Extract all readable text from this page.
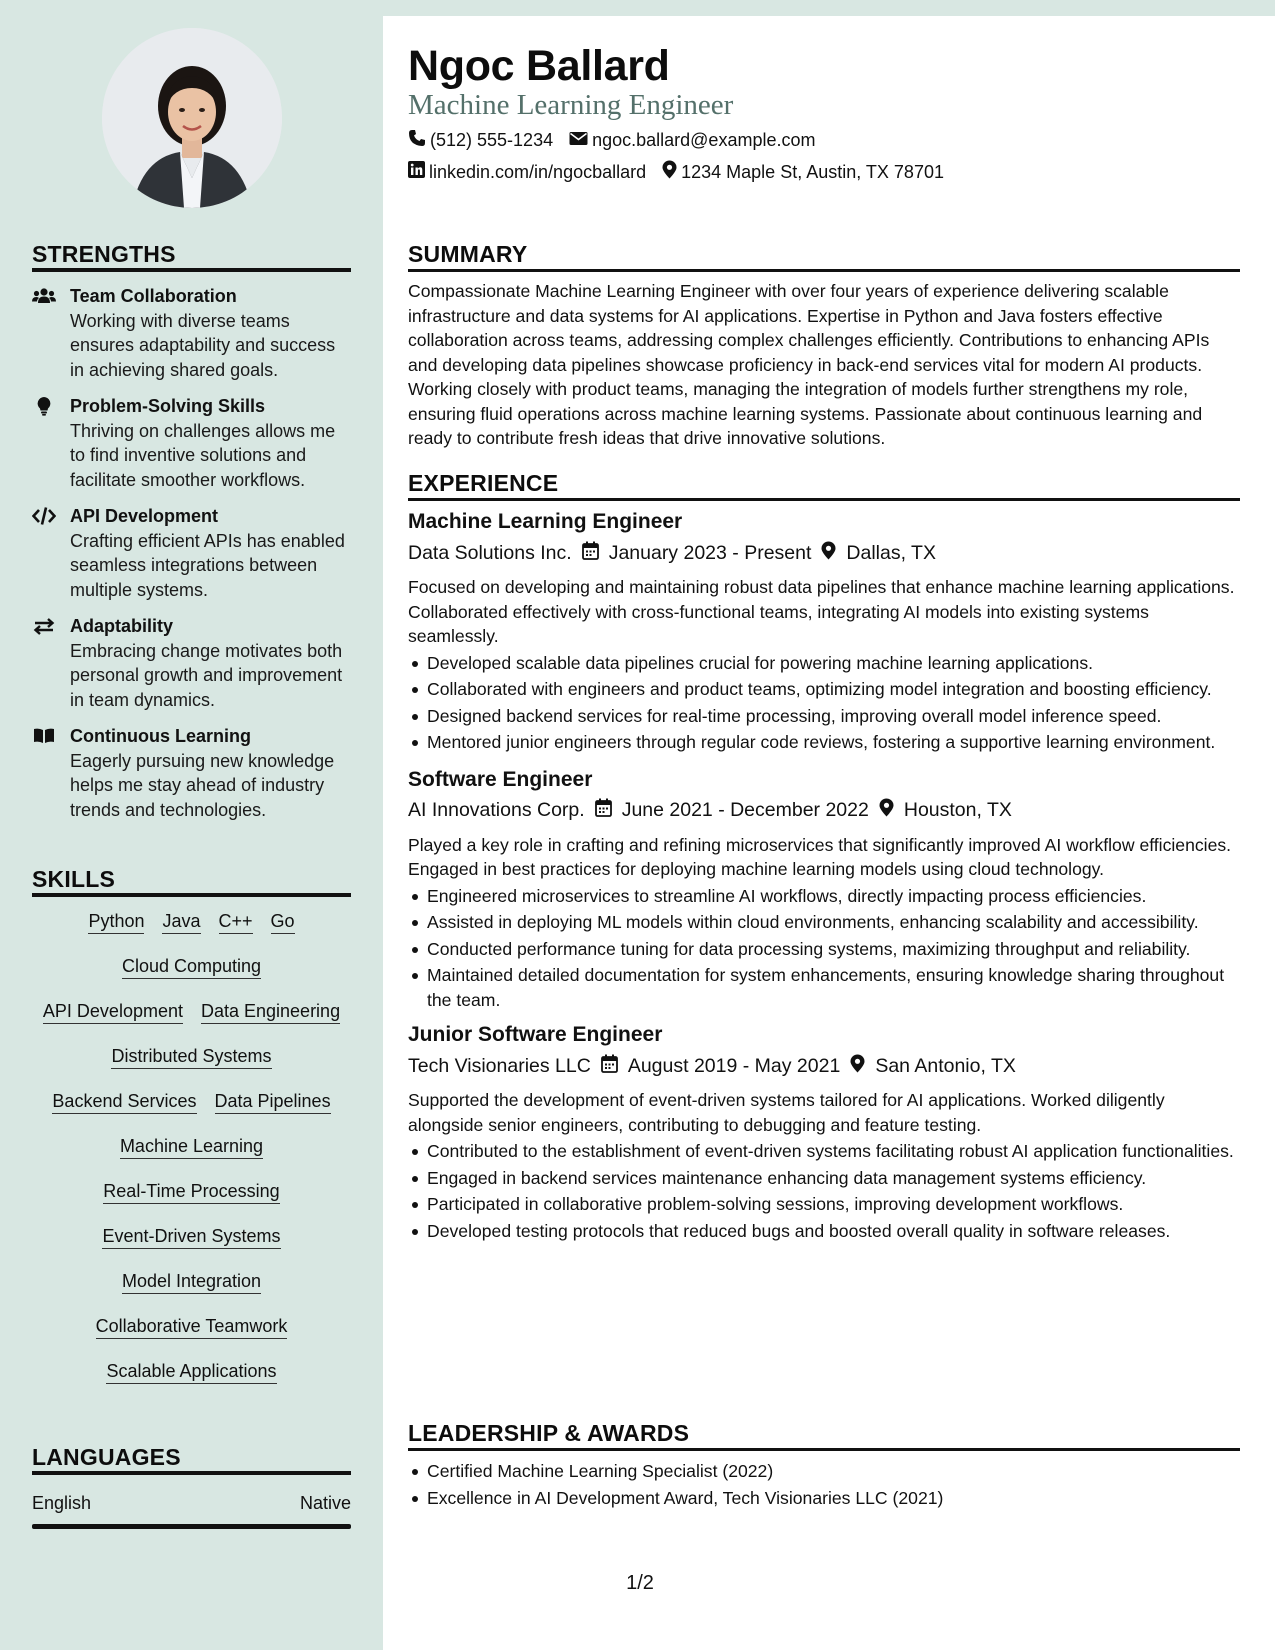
STRENGTHS
Team Collaboration
Working with diverse teams ensures adaptability and success in achieving shared goals.
Problem-Solving Skills
Thriving on challenges allows me to find inventive solutions and facilitate smoother workflows.
API Development
Crafting efficient APIs has enabled seamless integrations between multiple systems.
Adaptability
Embracing change motivates both personal growth and improvement in team dynamics.
Continuous Learning
Eagerly pursuing new knowledge helps me stay ahead of industry trends and technologies.
SKILLS
Python Java C++ Go
Cloud Computing
API Development Data Engineering
Distributed Systems
Backend Services Data Pipelines
Machine Learning
Real-Time Processing
Event-Driven Systems
Model Integration
Collaborative Teamwork
Scalable Applications
LANGUAGES
English	Native
Ngoc Ballard
Machine Learning Engineer
(512) 555-1234 ngoc.ballard@example.com
linkedin.com/in/ngocballard 1234 Maple St, Austin, TX 78701
SUMMARY
Compassionate Machine Learning Engineer with over four years of experience delivering scalable infrastructure and data systems for AI applications. Expertise in Python and Java fosters effective collaboration across teams, addressing complex challenges efficiently. Contributions to enhancing APIs and developing data pipelines showcase proficiency in back-end services vital for modern AI products. Working closely with product teams, managing the integration of models further strengthens my role, ensuring fluid operations across machine learning systems. Passionate about continuous learning and ready to contribute fresh ideas that drive innovative solutions.
EXPERIENCE
Machine Learning Engineer
Data Solutions Inc. January 2023 - Present Dallas, TX
Focused on developing and maintaining robust data pipelines that enhance machine learning applications. Collaborated effectively with cross-functional teams, integrating AI models into existing systems seamlessly.
Developed scalable data pipelines crucial for powering machine learning applications.
Collaborated with engineers and product teams, optimizing model integration and boosting efficiency.
Designed backend services for real-time processing, improving overall model inference speed.
Mentored junior engineers through regular code reviews, fostering a supportive learning environment.
Software Engineer
AI Innovations Corp. June 2021 - December 2022 Houston, TX
Played a key role in crafting and refining microservices that significantly improved AI workflow efficiencies. Engaged in best practices for deploying machine learning models using cloud technology.
Engineered microservices to streamline AI workflows, directly impacting process efficiencies.
Assisted in deploying ML models within cloud environments, enhancing scalability and accessibility.
Conducted performance tuning for data processing systems, maximizing throughput and reliability.
Maintained detailed documentation for system enhancements, ensuring knowledge sharing throughout the team.
Junior Software Engineer
Tech Visionaries LLC August 2019 - May 2021 San Antonio, TX
Supported the development of event-driven systems tailored for AI applications. Worked diligently alongside senior engineers, contributing to debugging and feature testing.
Contributed to the establishment of event-driven systems facilitating robust AI application functionalities.
Engaged in backend services maintenance enhancing data management systems efficiency.
Participated in collaborative problem-solving sessions, improving development workflows.
Developed testing protocols that reduced bugs and boosted overall quality in software releases.
LEADERSHIP & AWARDS
Certified Machine Learning Specialist (2022)
Excellence in AI Development Award, Tech Visionaries LLC (2021)
1/2
